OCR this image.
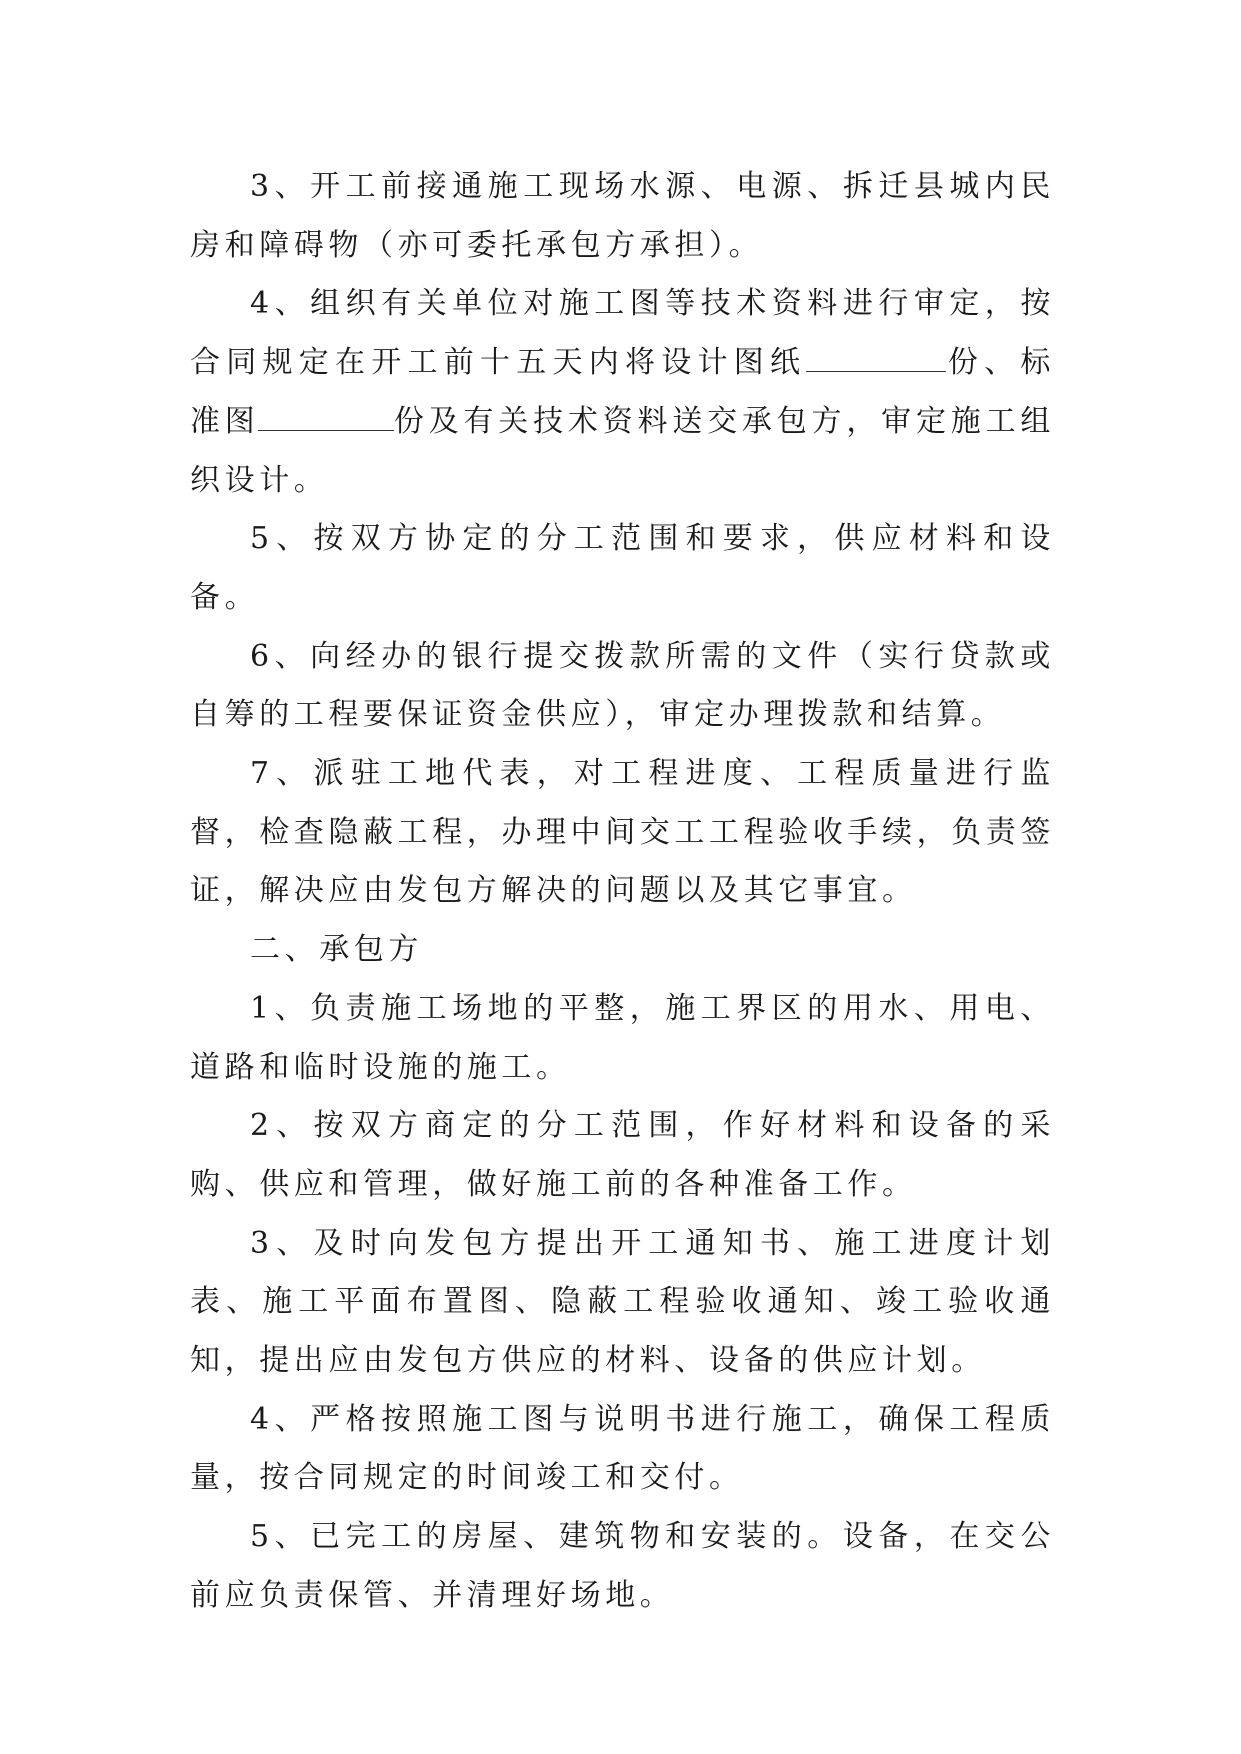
3、开工前接通施工现场水源、电源、拆迁县城内民房和障碍物（亦可委托承包方承担）。

4、组织有关单位对施工图等技术资料进行审定，按合同规定在开工前十五天内将设计图纸	份、标准图	份及有关技术资料送交承包方，审定施工组织设计。

5、按双方协定的分工范围和要求，供应材料和设备。

6、向经办的银行提交拨款所需的文件（实行贷款或自筹的工程要保证资金供应），审定办理拨款和结算。

7、派驻工地代表，对工程进度、工程质量进行监督，检查隐蔽工程，办理中间交工工程验收手续，负责签证，解决应由发包方解决的问题以及其它事宜。

二、承包方

1、负责施工场地的平整，施工界区的用水、用电、道路和临时设施的施工。

2、按双方商定的分工范围，作好材料和设备的采购、供应和管理，做好施工前的各种准备工作。

3、及时向发包方提出开工通知书、施工进度计划表、施工平面布置图、隐蔽工程验收通知、竣工验收通知，提出应由发包方供应的材料、设备的供应计划。

4、严格按照施工图与说明书进行施工，确保工程质量，按合同规定的时间竣工和交付。

5、已完工的房屋、建筑物和安装的。设备，在交公前应负责保管、并清理好场地。
